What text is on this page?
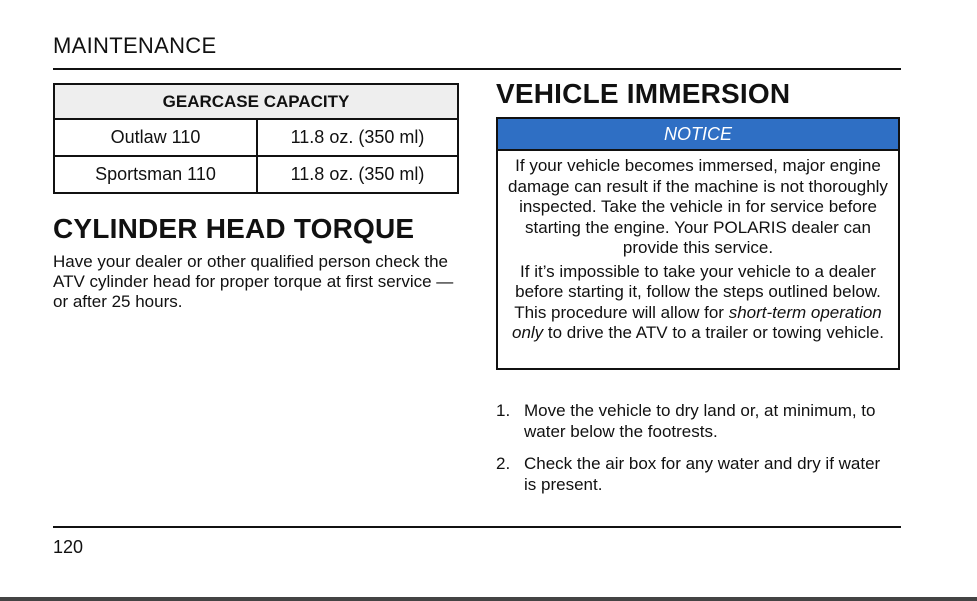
MAINTENANCE
GEARCASE CAPACITY	
Outlaw 110	11.8 oz. (350 ml)
Sportsman 110	11.8 oz. (350 ml)
CYLINDER HEAD TORQUE

Have your dealer or other qualified person check the ATV cylinder head for proper torque at first service — or after 25 hours.

VEHICLE IMMERSION
NOTICE

If your vehicle becomes immersed, major engine damage can result if the machine is not thoroughly inspected. Take the vehicle in for service before starting the engine. Your POLARIS dealer can provide this service.

If it’s impossible to take your vehicle to a dealer before starting it, follow the steps outlined below. This procedure will allow for short-term operation only to drive the ATV to a trailer or towing vehicle.

1. Move the vehicle to dry land or, at minimum, to water below the footrests.
2. Check the air box for any water and dry if water is present.
120
